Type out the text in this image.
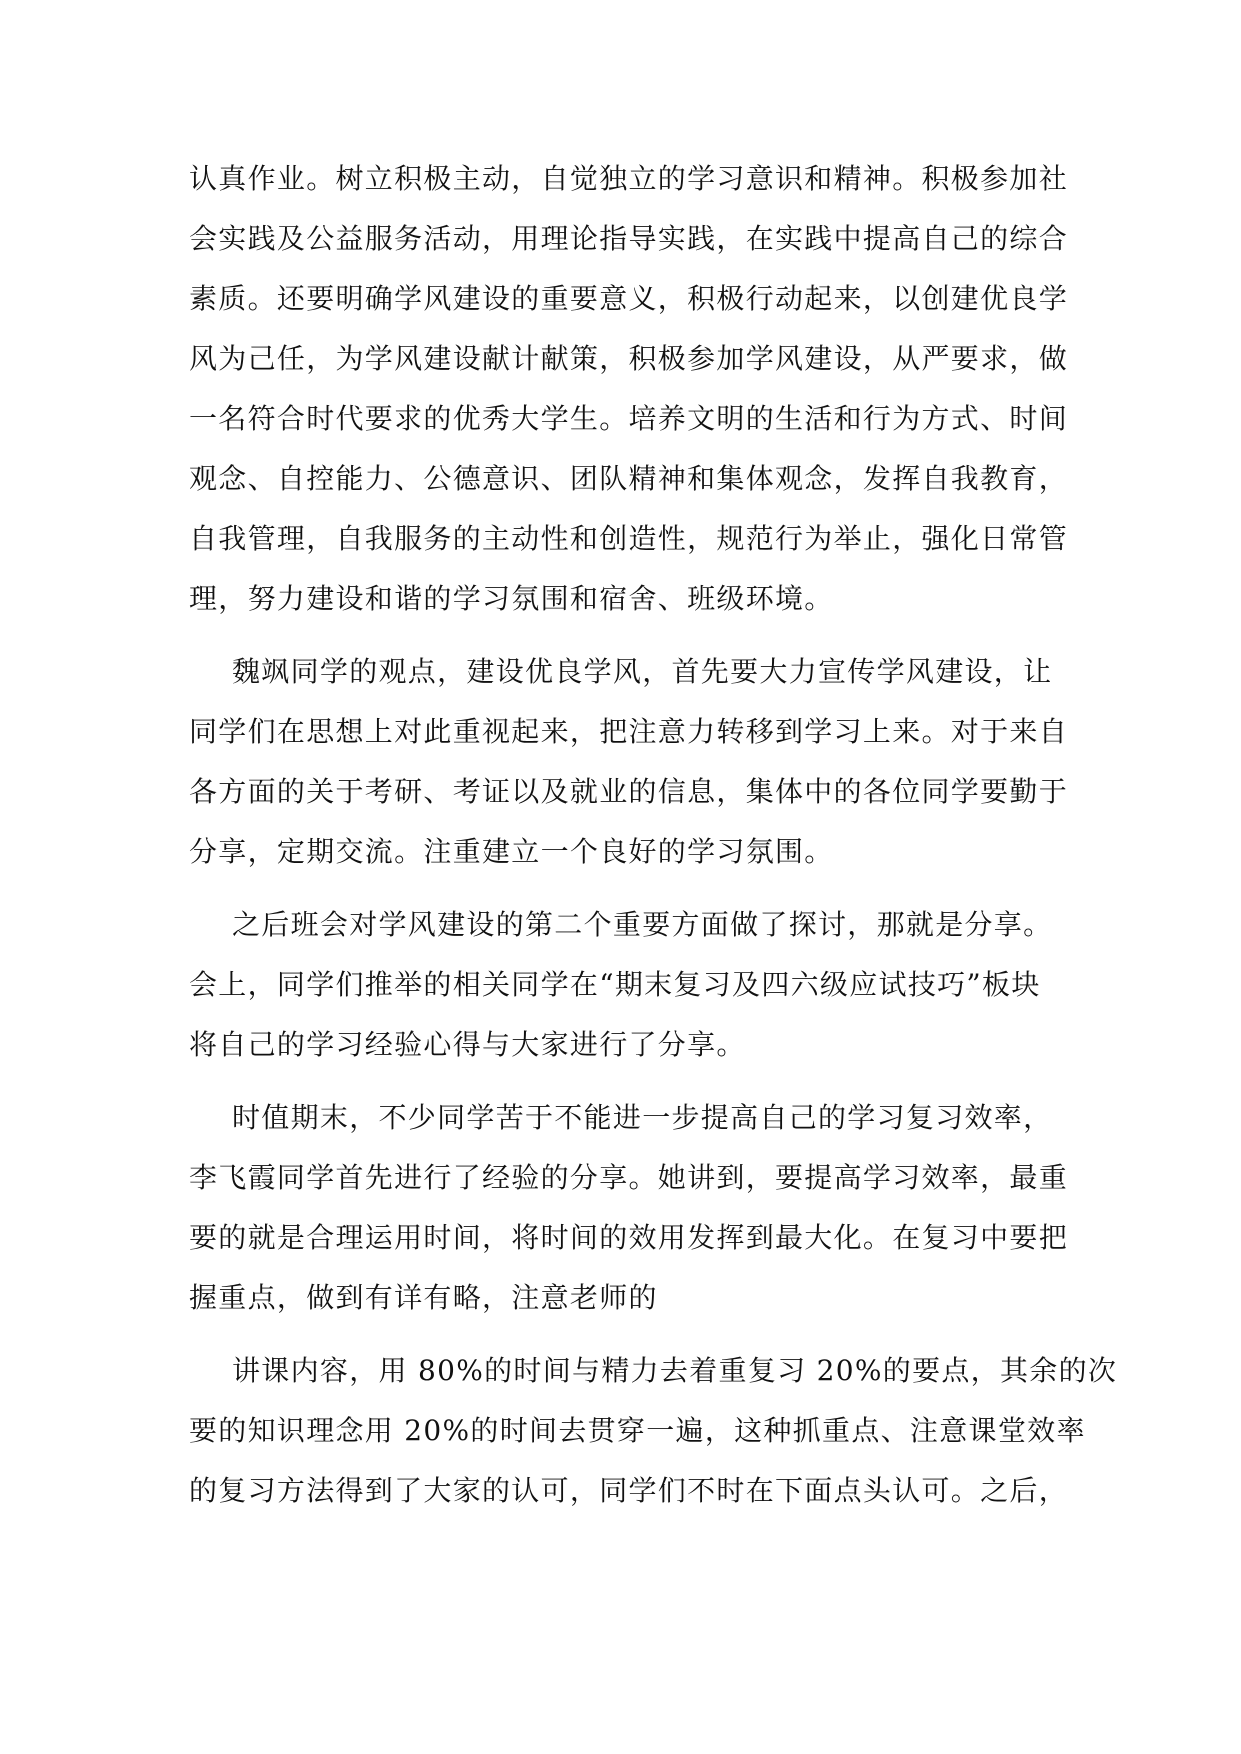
认真作业。树立积极主动，自觉独立的学习意识和精神。积极参加社
会实践及公益服务活动，用理论指导实践，在实践中提高自己的综合
素质。还要明确学风建设的重要意义，积极行动起来，以创建优良学
风为己任，为学风建设献计献策，积极参加学风建设，从严要求，做
一名符合时代要求的优秀大学生。培养文明的生活和行为方式、时间
观念、自控能力、公德意识、团队精神和集体观念，发挥自我教育，
自我管理，自我服务的主动性和创造性，规范行为举止，强化日常管
理，努力建设和谐的学习氛围和宿舍、班级环境。
魏飒同学的观点，建设优良学风，首先要大力宣传学风建设，让
同学们在思想上对此重视起来，把注意力转移到学习上来。对于来自
各方面的关于考研、考证以及就业的信息，集体中的各位同学要勤于
分享，定期交流。注重建立一个良好的学习氛围。
之后班会对学风建设的第二个重要方面做了探讨，那就是分享。
会上，同学们推举的相关同学在“期末复习及四六级应试技巧”板块
将自己的学习经验心得与大家进行了分享。
时值期末，不少同学苦于不能进一步提高自己的学习复习效率，
李飞霞同学首先进行了经验的分享。她讲到，要提高学习效率，最重
要的就是合理运用时间，将时间的效用发挥到最大化。在复习中要把
握重点，做到有详有略，注意老师的
讲课内容，用 80%的时间与精力去着重复习 20%的要点，其余的次
要的知识理念用 20%的时间去贯穿一遍，这种抓重点、注意课堂效率
的复习方法得到了大家的认可，同学们不时在下面点头认可。之后，
